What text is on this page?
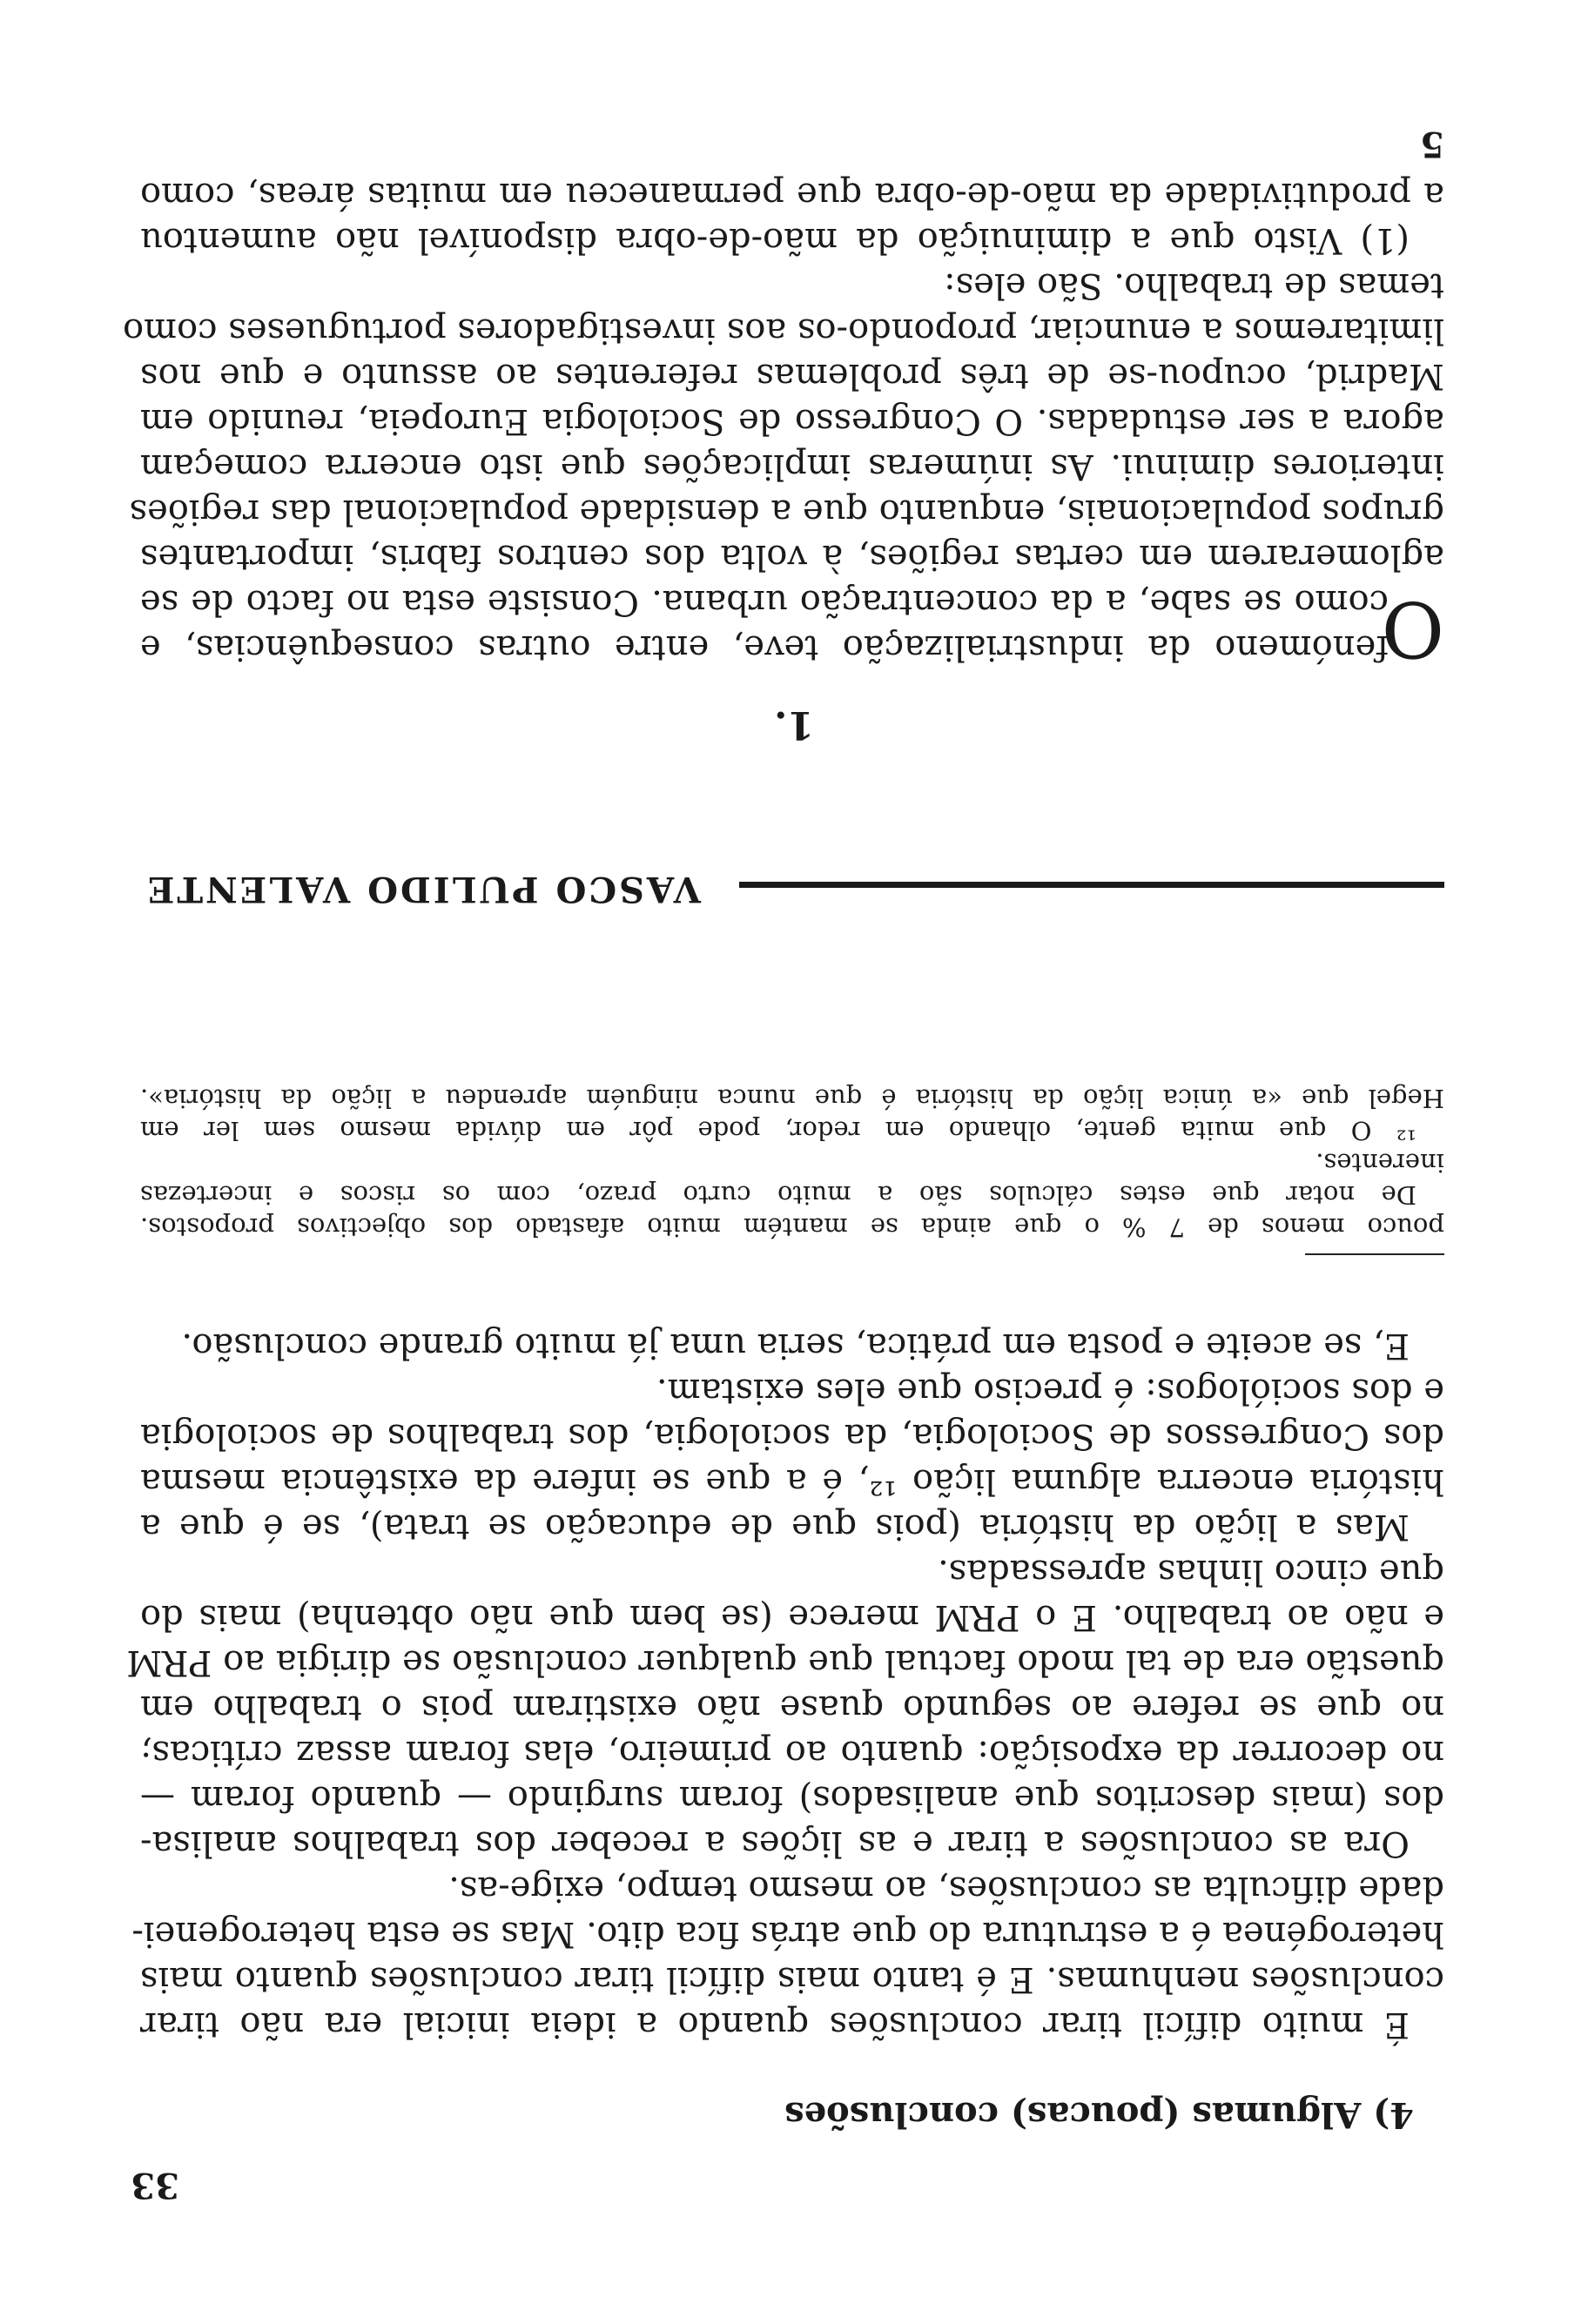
33
4) Algumas (poucas) conclusões
É muito difícil tirar conclusões quando a ideia inicial era não tirar
conclusões nenhumas. E é tanto mais difícil tirar conclusões quanto mais
heterogénea é a estrutura do que atrás fica dito. Mas se esta heterogenei-
dade dificulta as conclusões, ao mesmo tempo, exige-as.
Ora as conclusões a tirar e as lições a receber dos trabalhos analisa-
dos (mais descritos que analisados) foram surgindo — quando foram —
no decorrer da exposição: quanto ao primeiro, elas foram assaz críticas;
no que se refere ao segundo quase não existiram pois o trabalho em
questão era de tal modo factual que qualquer conclusão se dirigia ao PRM
e não ao trabalho. E o PRM merece (se bem que não obtenha) mais do
que cinco linhas apressadas.
Mas a lição da história (pois que de educação se trata), se é que a
história encerra alguma lição ¹², é a que se infere da existência mesma
dos Congressos de Sociologia, da sociologia, dos trabalhos de sociologia
e dos sociólogos: é preciso que eles existam.
E, se aceite e posta em prática, seria uma já muito grande conclusão.
pouco menos de 7 % o que ainda se mantém muito afastado dos objectivos propostos.
De notar que estes cálculos são a muito curto prazo, com os riscos e incertezas
inerentes.
¹² O que muita gente, olhando em redor, pode pôr em dúvida mesmo sem ler em
Hegel que «a única lição da história é que nunca ninguém aprendeu a lição da história».
VASCO PULIDO VALENTE
1.
O
fenómeno da industrialização teve, entre outras consequências, e
como se sabe, a da concentração urbana. Consiste esta no facto de se
aglomerarem em certas regiões, à volta dos centros fabris, importantes
grupos populacionais, enquanto que a densidade populacional das regiões
interiores diminui. As inúmeras implicações que isto encerra começam
agora a ser estudadas. O Congresso de Sociologia Europeia, reunido em
Madrid, ocupou-se de três problemas referentes ao assunto e que nos
limitaremos a enunciar, propondo-os aos investigadores portugueses como
temas de trabalho. São eles:
(1) Visto que a diminuição da mão-de-obra disponível não aumentou
a produtividade da mão-de-obra que permaneceu em muitas áreas, como
5
